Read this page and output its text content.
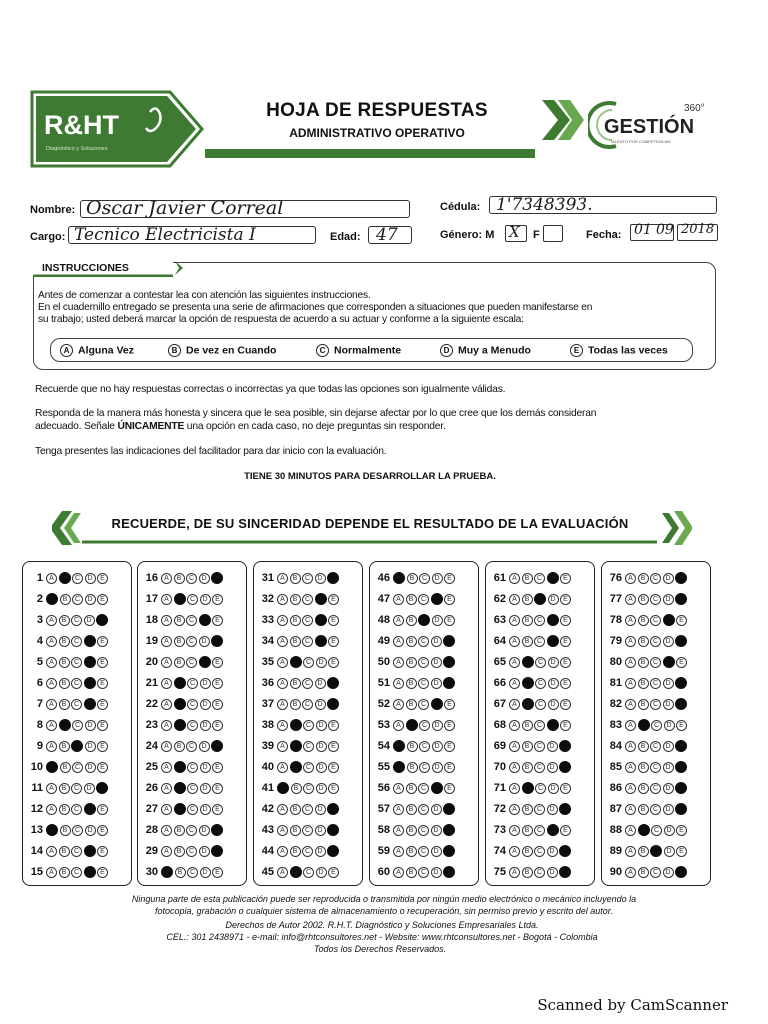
R&HT
Diagnóstico y Soluciones
HOJA DE RESPUESTAS
ADMINISTRATIVO OPERATIVO	GESTIÓN
360°
TALENTO POR COMPETENCIAS
Nombre: Oscar Javier Correal	Cédula: 1'7348393.
Cargo: Tecnico Electricista I	Edad: 47	Género: M X F	Fecha: 01 09 2018
INSTRUCCIONES
Antes de comenzar a contestar lea con atención las siguientes instrucciones.
En el cuadernillo entregado se presenta una serie de afirmaciones que corresponden a situaciones que pueden manifestarse en
su trabajo; usted deberá marcar la opción de respuesta de acuerdo a su actuar y conforme a la siguiente escala:
A Alguna Vez	B De vez en Cuando	C Normalmente	D Muy a Menudo	E Todas las veces
Recuerde que no hay respuestas correctas o incorrectas ya que todas las opciones son igualmente válidas.
Responda de la manera más honesta y sincera que le sea posible, sin dejarse afectar por lo que cree que los demás consideran
adecuado. Señale ÚNICAMENTE una opción en cada caso, no deje preguntas sin responder.
Tenga presentes las indicaciones del facilitador para dar inicio con la evaluación.
TIENE 30 MINUTOS PARA DESARROLLAR LA PRUEBA.
RECUERDE, DE SU SINCERIDAD DEPENDE EL RESULTADO DE LA EVALUACIÓN
1 A	B	C	D	E
2 A	B	C	D	E
3 A	B	C	D	E
4 A	B	C	D	E
5 A	B	C	D	E
6 A	B	C	D	E
7 A	B	C	D	E
8 A	B	C	D	E
9 A	B	C	D	E
10 A	B	C	D	E
11 A	B	C	D	E
12 A	B	C	D	E
13 A	B	C	D	E
14 A	B	C	D	E
15 A	B	C	D	E
16 A	B	C	D	E
17 A	B	C	D	E
18 A	B	C	D	E
19 A	B	C	D	E
20 A	B	C	D	E
21 A	B	C	D	E
22 A	B	C	D	E
23 A	B	C	D	E
24 A	B	C	D	E
25 A	B	C	D	E
26 A	B	C	D	E
27 A	B	C	D	E
28 A	B	C	D	E
29 A	B	C	D	E
30 A	B	C	D	E
31 A	B	C	D	E
32 A	B	C	D	E
33 A	B	C	D	E
34 A	B	C	D	E
35 A	B	C	D	E
36 A	B	C	D	E
37 A	B	C	D	E
38 A	B	C	D	E
39 A	B	C	D	E
40 A	B	C	D	E
41 A	B	C	D	E
42 A	B	C	D	E
43 A	B	C	D	E
44 A	B	C	D	E
45 A	B	C	D	E
46 A	B	C	D	E
47 A	B	C	D	E
48 A	B	C	D	E
49 A	B	C	D	E
50 A	B	C	D	E
51 A	B	C	D	E
52 A	B	C	D	E
53 A	B	C	D	E
54 A	B	C	D	E
55 A	B	C	D	E
56 A	B	C	D	E
57 A	B	C	D	E
58 A	B	C	D	E
59 A	B	C	D	E
60 A	B	C	D	E
61 A	B	C	D	E
62 A	B	C	D	E
63 A	B	C	D	E
64 A	B	C	D	E
65 A	B	C	D	E
66 A	B	C	D	E
67 A	B	C	D	E
68 A	B	C	D	E
69 A	B	C	D	E
70 A	B	C	D	E
71 A	B	C	D	E
72 A	B	C	D	E
73 A	B	C	D	E
74 A	B	C	D	E
75 A	B	C	D	E
76 A	B	C	D	E
77 A	B	C	D	E
78 A	B	C	D	E
79 A	B	C	D	E
80 A	B	C	D	E
81 A	B	C	D	E
82 A	B	C	D	E
83 A	B	C	D	E
84 A	B	C	D	E
85 A	B	C	D	E
86 A	B	C	D	E
87 A	B	C	D	E
88 A	B	C	D	E
89 A	B	C	D	E
90 A	B	C	D	E
Ninguna parte de esta publicación puede ser reproducida o transmitida por ningún medio electrónico o mecánico incluyendo la
fotocopia, grabación o cualquier sistema de almacenamiento o recuperación, sin permiso previo y escrito del autor.
Derechos de Autor 2002. R.H.T. Diagnóstico y Soluciones Empresariales Ltda.
CEL.: 301 2438971 - e-mail: info@rhtconsultores.net - Website: www.rhtconsultores.net - Bogotá - Colombia
Todos los Derechos Reservados.
Scanned by CamScanner
